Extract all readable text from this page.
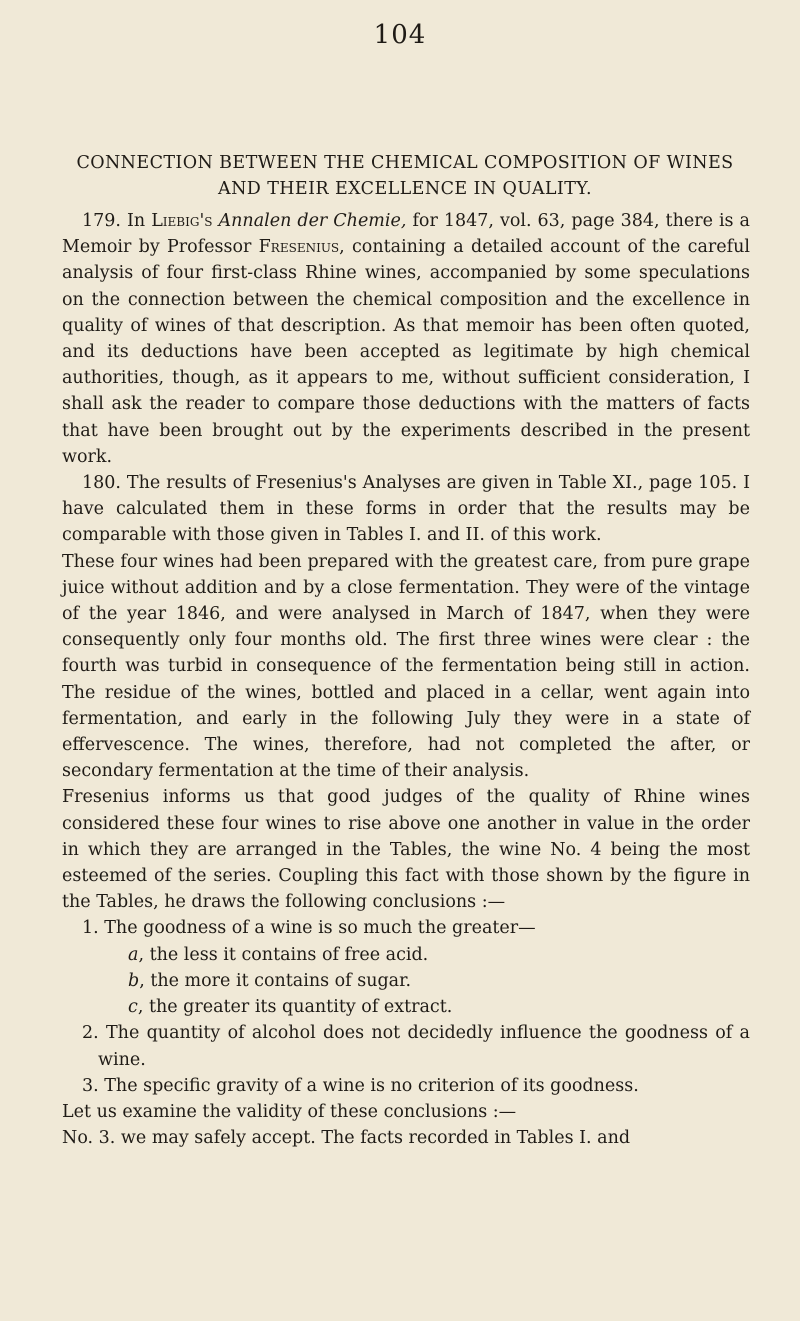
104
CONNECTION BETWEEN THE CHEMICAL COMPOSITION OF WINES AND THEIR EXCELLENCE IN QUALITY.

179. In Liebig's Annalen der Chemie, for 1847, vol. 63, page 384, there is a Memoir by Professor Fresenius, containing a detailed account of the careful analysis of four first-class Rhine wines, accompanied by some speculations on the connection between the chemical composition and the excellence in quality of wines of that description. As that memoir has been often quoted, and its deductions have been accepted as legitimate by high chemical authorities, though, as it appears to me, without sufficient consideration, I shall ask the reader to compare those deductions with the matters of facts that have been brought out by the experiments described in the present work.

180. The results of Fresenius's Analyses are given in Table XI., page 105. I have calculated them in these forms in order that the results may be comparable with those given in Tables I. and II. of this work.

These four wines had been prepared with the greatest care, from pure grape juice without addition and by a close fermentation. They were of the vintage of the year 1846, and were analysed in March of 1847, when they were consequently only four months old. The first three wines were clear : the fourth was turbid in consequence of the fermentation being still in action. The residue of the wines, bottled and placed in a cellar, went again into fermentation, and early in the following July they were in a state of effervescence. The wines, therefore, had not completed the after, or secondary fermentation at the time of their analysis.

Fresenius informs us that good judges of the quality of Rhine wines considered these four wines to rise above one another in value in the order in which they are arranged in the Tables, the wine No. 4 being the most esteemed of the series. Coupling this fact with those shown by the figure in the Tables, he draws the following conclusions :—

1. The goodness of a wine is so much the greater—

a, the less it contains of free acid.

b, the more it contains of sugar.

c, the greater its quantity of extract.

2. The quantity of alcohol does not decidedly influence the goodness of a wine.

3. The specific gravity of a wine is no criterion of its goodness.

Let us examine the validity of these conclusions :—

No. 3. we may safely accept. The facts recorded in Tables I. and
